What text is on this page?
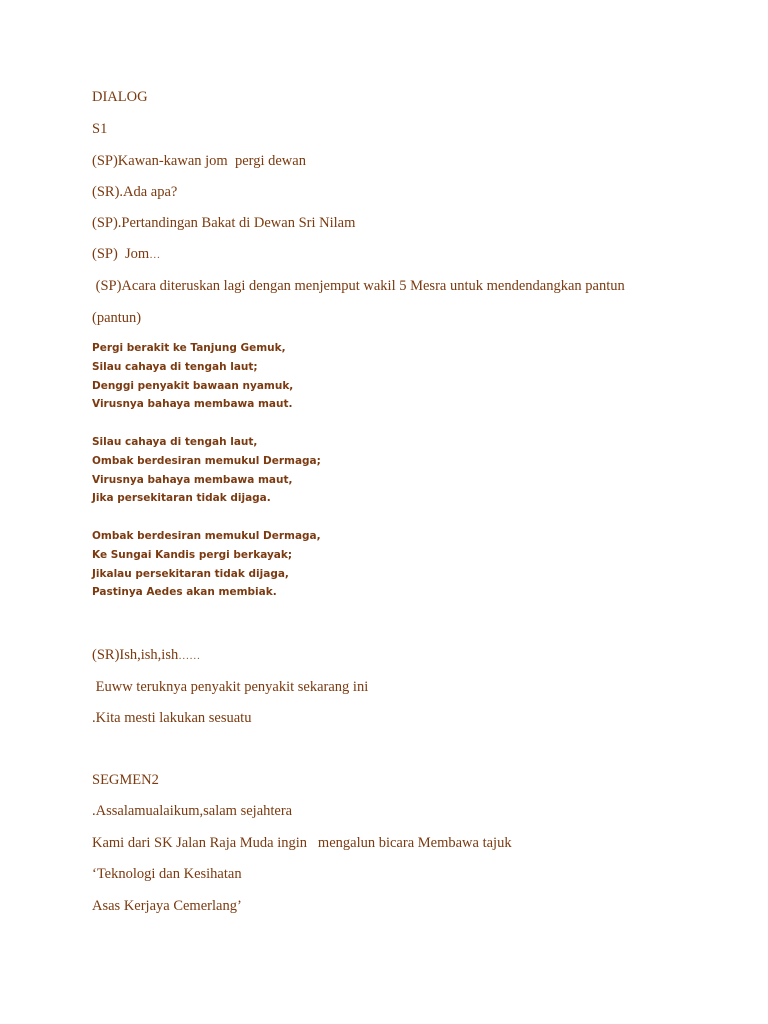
DIALOG

S1

(SP)Kawan-kawan jom  pergi dewan

(SR).Ada apa?

(SP).Pertandingan Bakat di Dewan Sri Nilam

(SP)  Jom…

(SP)Acara diteruskan lagi dengan menjemput wakil 5 Mesra untuk mendendangkan pantun

(pantun)

Pergi berakit ke Tanjung Gemuk,
Silau cahaya di tengah laut;
Denggi penyakit bawaan nyamuk,
Virusnya bahaya membawa maut.
Silau cahaya di tengah laut,
Ombak berdesiran memukul Dermaga;
Virusnya bahaya membawa maut,
Jika persekitaran tidak dijaga.
Ombak berdesiran memukul Dermaga,
Ke Sungai Kandis pergi berkayak;
Jikalau persekitaran tidak dijaga,
Pastinya Aedes akan membiak.

(SR)Ish,ish,ish……

Euww teruknya penyakit penyakit sekarang ini

.Kita mesti lakukan sesuatu

SEGMEN2

.Assalamualaikum,salam sejahtera

Kami dari SK Jalan Raja Muda ingin   mengalun bicara Membawa tajuk

‘Teknologi dan Kesihatan

Asas Kerjaya Cemerlang’
